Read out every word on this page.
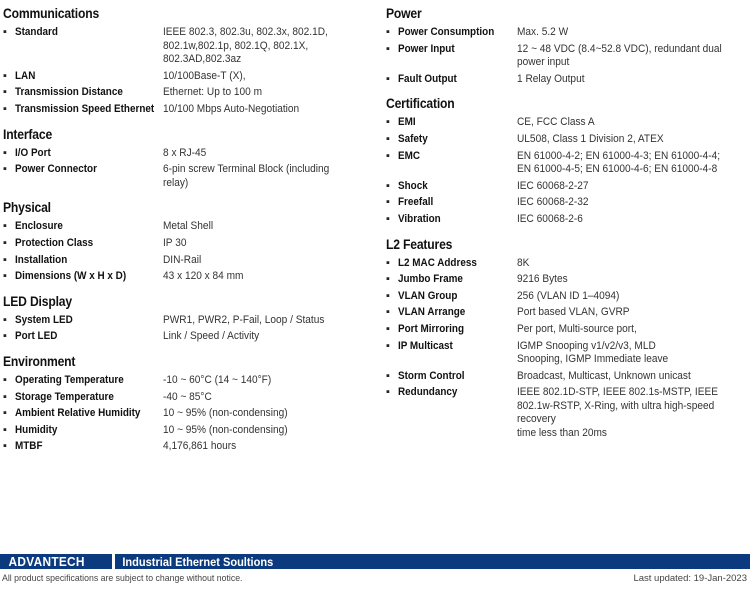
Communications
▪ Standard	IEEE 802.3, 802.3u, 802.3x, 802.1D,
802.1w,802.1p, 802.1Q, 802.1X,
802.3AD,802.3az
▪ LAN	10/100Base-T (X),
▪ Transmission Distance	Ethernet: Up to 100 m
▪ Transmission Speed Ethernet 10/100 Mbps Auto-Negotiation
Interface
▪ I/O Port	8 x RJ-45
▪ Power Connector	6-pin screw Terminal Block (including relay)
Physical
▪ Enclosure	Metal Shell
▪ Protection Class	IP 30
▪ Installation	DIN-Rail
▪ Dimensions (W x H x D)	43 x 120 x 84 mm
LED Display
▪ System LED	PWR1, PWR2, P-Fail, Loop / Status
▪ Port LED	Link / Speed / Activity
Environment
▪ Operating Temperature	-10 ~ 60°C (14 ~ 140°F)
▪ Storage Temperature	-40 ~ 85°C
▪ Ambient Relative Humidity	10 ~ 95% (non-condensing)
▪ Humidity	10 ~ 95% (non-condensing)
▪ MTBF	4,176,861 hours
Power
▪ Power Consumption	Max. 5.2 W
▪ Power Input	12 ~ 48 VDC (8.4~52.8 VDC), redundant dual power input
▪ Fault Output	1 Relay Output
Certification
▪ EMI	CE, FCC Class A
▪ Safety	UL508, Class 1 Division 2, ATEX
▪ EMC	EN 61000-4-2; EN 61000-4-3; EN 61000-4-4;
EN 61000-4-5; EN 61000-4-6; EN 61000-4-8
▪ Shock	IEC 60068-2-27
▪ Freefall	IEC 60068-2-32
▪ Vibration	IEC 60068-2-6
L2 Features
▪ L2 MAC Address	8K
▪ Jumbo Frame	9216 Bytes
▪ VLAN Group	256 (VLAN ID 1–4094)
▪ VLAN Arrange	Port based VLAN, GVRP
▪ Port Mirroring	Per port, Multi-source port,
▪ IP Multicast	IGMP Snooping v1/v2/v3, MLD
Snooping, IGMP Immediate leave
▪ Storm Control	Broadcast, Multicast, Unknown unicast
▪ Redundancy	IEEE 802.1D-STP, IEEE 802.1s-MSTP, IEEE
802.1w-RSTP, X-Ring, with ultra high-speed recovery
time less than 20ms
ADVANTECH	Industrial Ethernet Soultions
All product specifications are subject to change without notice.	Last updated: 19-Jan-2023
